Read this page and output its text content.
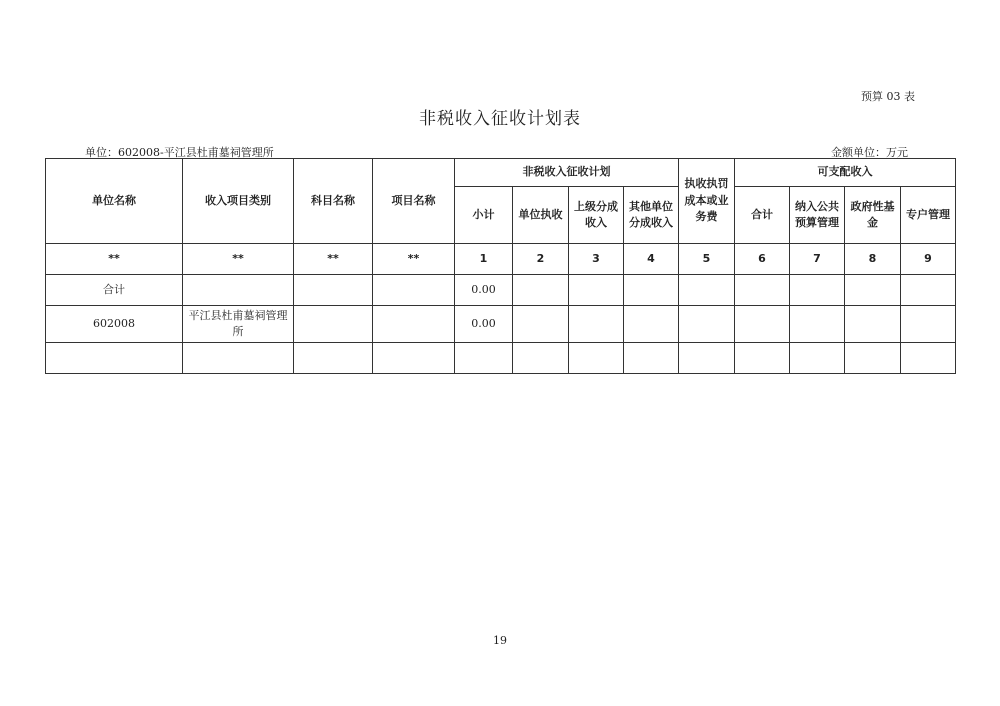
预算 03 表
非税收入征收计划表
单位：602008-平江县杜甫墓祠管理所	金额单位：万元
单位名称	收入项目类别	科目名称	项目名称	非税收入征收计划				执收执罚成本或业务费	可支配收入			
				小计	单位执收	上级分成收入	其他单位分成收入		合计	纳入公共预算管理	政府性基金	专户管理
**	**	**	**	1	2	3	4	5	6	7	8	9
合计				0.00								
602008	平江县杜甫墓祠管理所			0.00								

19
